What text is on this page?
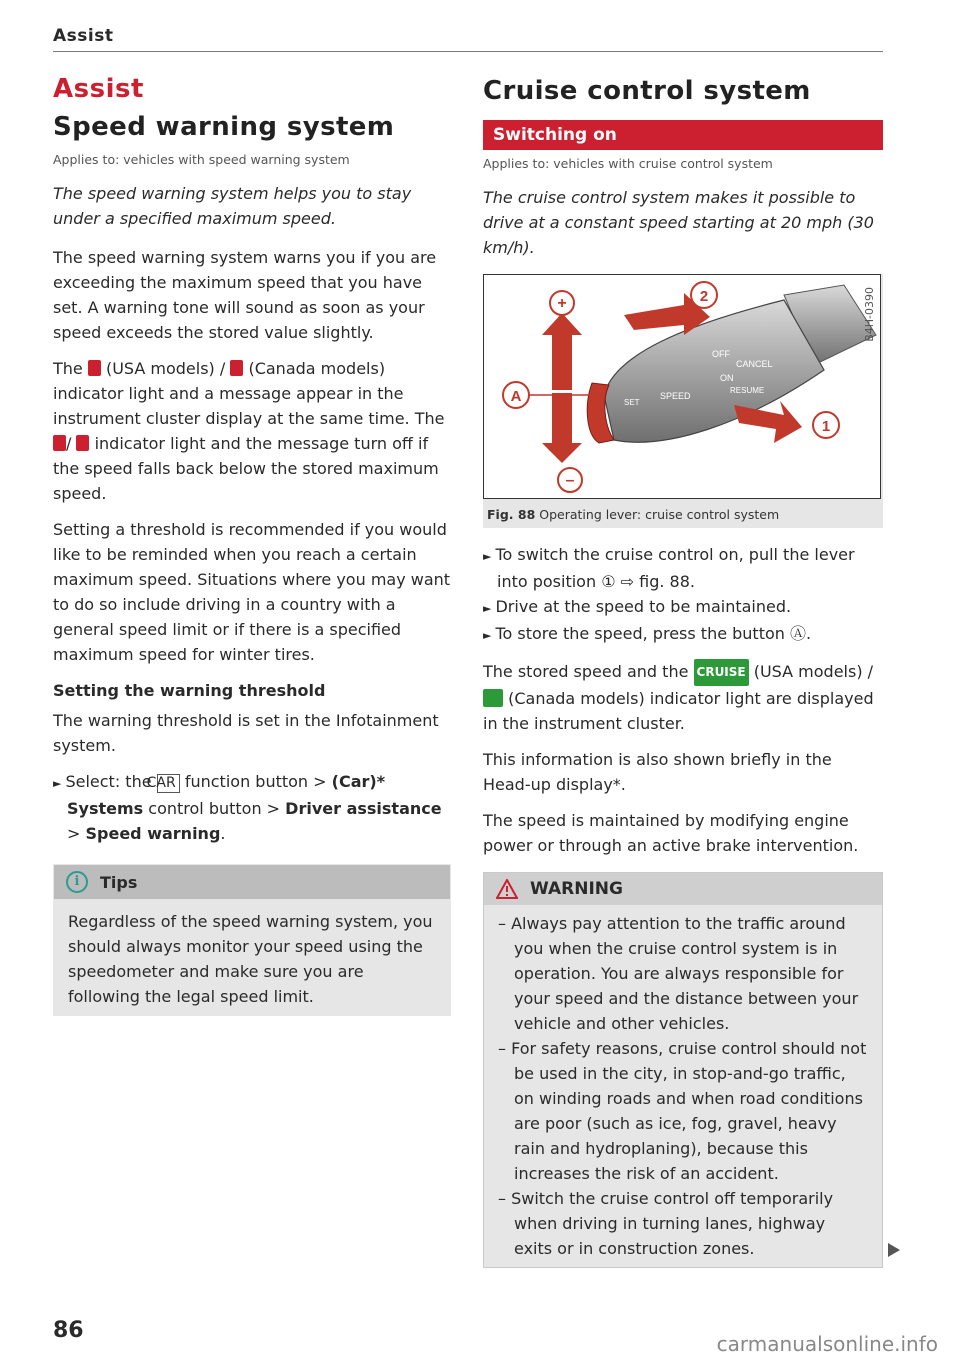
Assist
Assist
Speed warning system
Applies to: vehicles with speed warning system
The speed warning system helps you to stay under a specified maximum speed.

The speed warning system warns you if you are exceeding the maximum speed that you have set. A warning tone will sound as soon as your speed exceeds the stored value slightly.

The (USA models) / (Canada models) indicator light and a message appear in the instrument cluster display at the same time. The / indicator light and the message turn off if the speed falls back below the stored maximum speed.

Setting a threshold is recommended if you would like to be reminded when you reach a certain maximum speed. Situations where you may want to do so include driving in a country with a general speed limit or if there is a specified maximum speed for winter tires.

Setting the warning threshold

The warning threshold is set in the Infotainment system.

► Select: the CAR function button > (Car)* Systems control button > Driver assistance > Speed warning.
i	Tips
Regardless of the speed warning system, you should always monitor your speed using the speedometer and make sure you are following the legal speed limit.
Cruise control system
Switching on
Applies to: vehicles with cruise control system
The cruise control system makes it possible to drive at a constant speed starting at 20 mph (30 km/h).
OFF
CANCEL
ON
RESUME
SPEED
SET
+
–
A
2
1
B4H-0390
Fig. 88 Operating lever: cruise control system
► To switch the cruise control on, pull the lever into position ① ⇨ fig. 88.
► Drive at the speed to be maintained.
► To store the speed, press the button Ⓐ.

The stored speed and the CRUISE (USA models) /  (Canada models) indicator light are displayed in the instrument cluster.

This information is also shown briefly in the Head-up display*.

The speed is maintained by modifying engine power or through an active brake intervention.

WARNING
– Always pay attention to the traffic around you when the cruise control system is in operation. You are always responsible for your speed and the distance between your vehicle and other vehicles.
– For safety reasons, cruise control should not be used in the city, in stop-and-go traffic, on winding roads and when road conditions are poor (such as ice, fog, gravel, heavy rain and hydroplaning), because this increases the risk of an accident.
– Switch the cruise control off temporarily when driving in turning lanes, highway exits or in construction zones.
86
carmanualsonline.info
